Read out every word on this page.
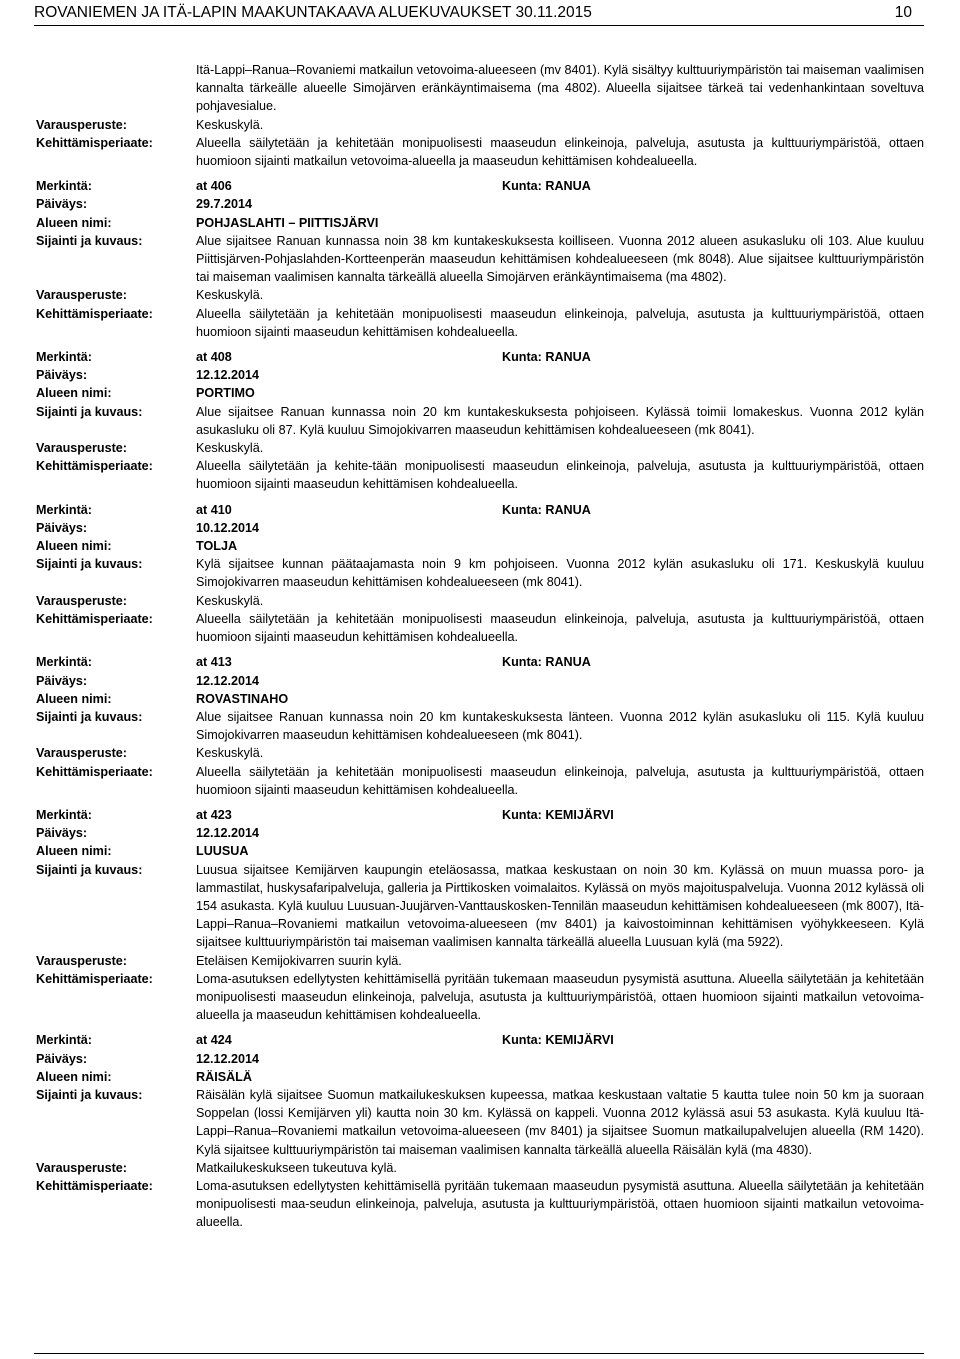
ROVANIEMEN JA ITÄ-LAPIN MAAKUNTAKAAVA ALUEKUVAUKSET 30.11.2015	10
Itä-Lappi–Ranua–Rovaniemi matkailun vetovoima-alueeseen (mv 8401). Kylä sisältyy kulttuuriympäristön tai maiseman vaalimisen kannalta tärkeälle alueelle Simojärven eränkäyntimaisema (ma 4802). Alueella sijaitsee tärkeä tai vedenhankintaan soveltuva pohjavesialue.
Varausperuste:	Keskuskylä.
Kehittämisperiaate:	Alueella säilytetään ja kehitetään monipuolisesti maaseudun elinkeinoja, palveluja, asutusta ja kulttuuriympäristöä, ottaen huomioon sijainti matkailun vetovoima-alueella ja maaseudun kehittämisen kohdealueella.
Merkintä:	at 406	Kunta: RANUA
Päiväys:	29.7.2014
Alueen nimi:	POHJASLAHTI – PIITTISJÄRVI
Sijainti ja kuvaus:	Alue sijaitsee Ranuan kunnassa noin 38 km kuntakeskuksesta koilliseen. Vuonna 2012 alueen asukasluku oli 103. Alue kuuluu Piittisjärven-Pohjaslahden-Kortteenperän maaseudun kehittämisen kohdealueeseen (mk 8048). Alue sijaitsee kulttuuriympäristön tai maiseman vaalimisen kannalta tärkeällä alueella Simojärven eränkäyntimaisema (ma 4802).
Varausperuste:	Keskuskylä.
Kehittämisperiaate:	Alueella säilytetään ja kehitetään monipuolisesti maaseudun elinkeinoja, palveluja, asutusta ja kulttuuriympäristöä, ottaen huomioon sijainti maaseudun kehittämisen kohdealueella.
Merkintä:	at 408	Kunta: RANUA
Päiväys:	12.12.2014
Alueen nimi:	PORTIMO
Sijainti ja kuvaus:	Alue sijaitsee Ranuan kunnassa noin 20 km kuntakeskuksesta pohjoiseen. Kylässä toimii lomakeskus. Vuonna 2012 kylän asukasluku oli 87. Kylä kuuluu Simojokivarren maaseudun kehittämisen kohdealueeseen (mk 8041).
Varausperuste:	Keskuskylä.
Kehittämisperiaate:	Alueella säilytetään ja kehite-tään monipuolisesti maaseudun elinkeinoja, palveluja, asutusta ja kulttuuriympäristöä, ottaen huomioon sijainti maaseudun kehittämisen kohdealueella.
Merkintä:	at 410	Kunta: RANUA
Päiväys:	10.12.2014
Alueen nimi:	TOLJA
Sijainti ja kuvaus:	Kylä sijaitsee kunnan päätaajamasta noin 9 km pohjoiseen. Vuonna 2012 kylän asukasluku oli 171. Keskuskylä kuuluu Simojokivarren maaseudun kehittämisen kohdealueeseen (mk 8041).
Varausperuste:	Keskuskylä.
Kehittämisperiaate:	Alueella säilytetään ja kehitetään monipuolisesti maaseudun elinkeinoja, palveluja, asutusta ja kulttuuriympäristöä, ottaen huomioon sijainti maaseudun kehittämisen kohdealueella.
Merkintä:	at 413	Kunta: RANUA
Päiväys:	12.12.2014
Alueen nimi:	ROVASTINAHO
Sijainti ja kuvaus:	Alue sijaitsee Ranuan kunnassa noin 20 km kuntakeskuksesta länteen. Vuonna 2012 kylän asukasluku oli 115. Kylä kuuluu Simojokivarren maaseudun kehittämisen kohdealueeseen (mk 8041).
Varausperuste:	Keskuskylä.
Kehittämisperiaate:	Alueella säilytetään ja kehitetään monipuolisesti maaseudun elinkeinoja, palveluja, asutusta ja kulttuuriympäristöä, ottaen huomioon sijainti maaseudun kehittämisen kohdealueella.
Merkintä:	at 423	Kunta: KEMIJÄRVI
Päiväys:	12.12.2014
Alueen nimi:	LUUSUA
Sijainti ja kuvaus:	Luusua sijaitsee Kemijärven kaupungin eteläosassa, matkaa keskustaan on noin 30 km. Kylässä on muun muassa poro- ja lammastilat, huskysafaripalveluja, galleria ja Pirttikosken voimalaitos. Kylässä on myös majoituspalveluja. Vuonna 2012 kylässä oli 154 asukasta. Kylä kuuluu Luusuan-Juujärven-Vanttauskosken-Tennilän maaseudun kehittämisen kohdealueeseen (mk 8007), Itä-Lappi–Ranua–Rovaniemi matkailun vetovoima-alueeseen (mv 8401) ja kaivostoiminnan kehittämisen vyöhykkeeseen. Kylä sijaitsee kulttuuriympäristön tai maiseman vaalimisen kannalta tärkeällä alueella Luusuan kylä (ma 5922).
Varausperuste:	Eteläisen Kemijokivarren suurin kylä.
Kehittämisperiaate:	Loma-asutuksen edellytysten kehittämisellä pyritään tukemaan maaseudun pysymistä asuttuna. Alueella säilytetään ja kehitetään monipuolisesti maaseudun elinkeinoja, palveluja, asutusta ja kulttuuriympäristöä, ottaen huomioon sijainti matkailun vetovoima-alueella ja maaseudun kehittämisen kohdealueella.
Merkintä:	at 424	Kunta: KEMIJÄRVI
Päiväys:	12.12.2014
Alueen nimi:	RÄISÄLÄ
Sijainti ja kuvaus:	Räisälän kylä sijaitsee Suomun matkailukeskuksen kupeessa, matkaa keskustaan valtatie 5 kautta tulee noin 50 km ja suoraan Soppelan (lossi Kemijärven yli) kautta noin 30 km. Kylässä on kappeli. Vuonna 2012 kylässä asui 53 asukasta. Kylä kuuluu Itä-Lappi–Ranua–Rovaniemi matkailun vetovoima-alueeseen (mv 8401) ja sijaitsee Suomun matkailupalvelujen alueella (RM 1420). Kylä sijaitsee kulttuuriympäristön tai maiseman vaalimisen kannalta tärkeällä alueella Räisälän kylä (ma 4830).
Varausperuste:	Matkailukeskukseen tukeutuva kylä.
Kehittämisperiaate:	Loma-asutuksen edellytysten kehittämisellä pyritään tukemaan maaseudun pysymistä asuttuna. Alueella säilytetään ja kehitetään monipuolisesti maa-seudun elinkeinoja, palveluja, asutusta ja kulttuuriympäristöä, ottaen huomioon sijainti matkailun vetovoima-alueella.
